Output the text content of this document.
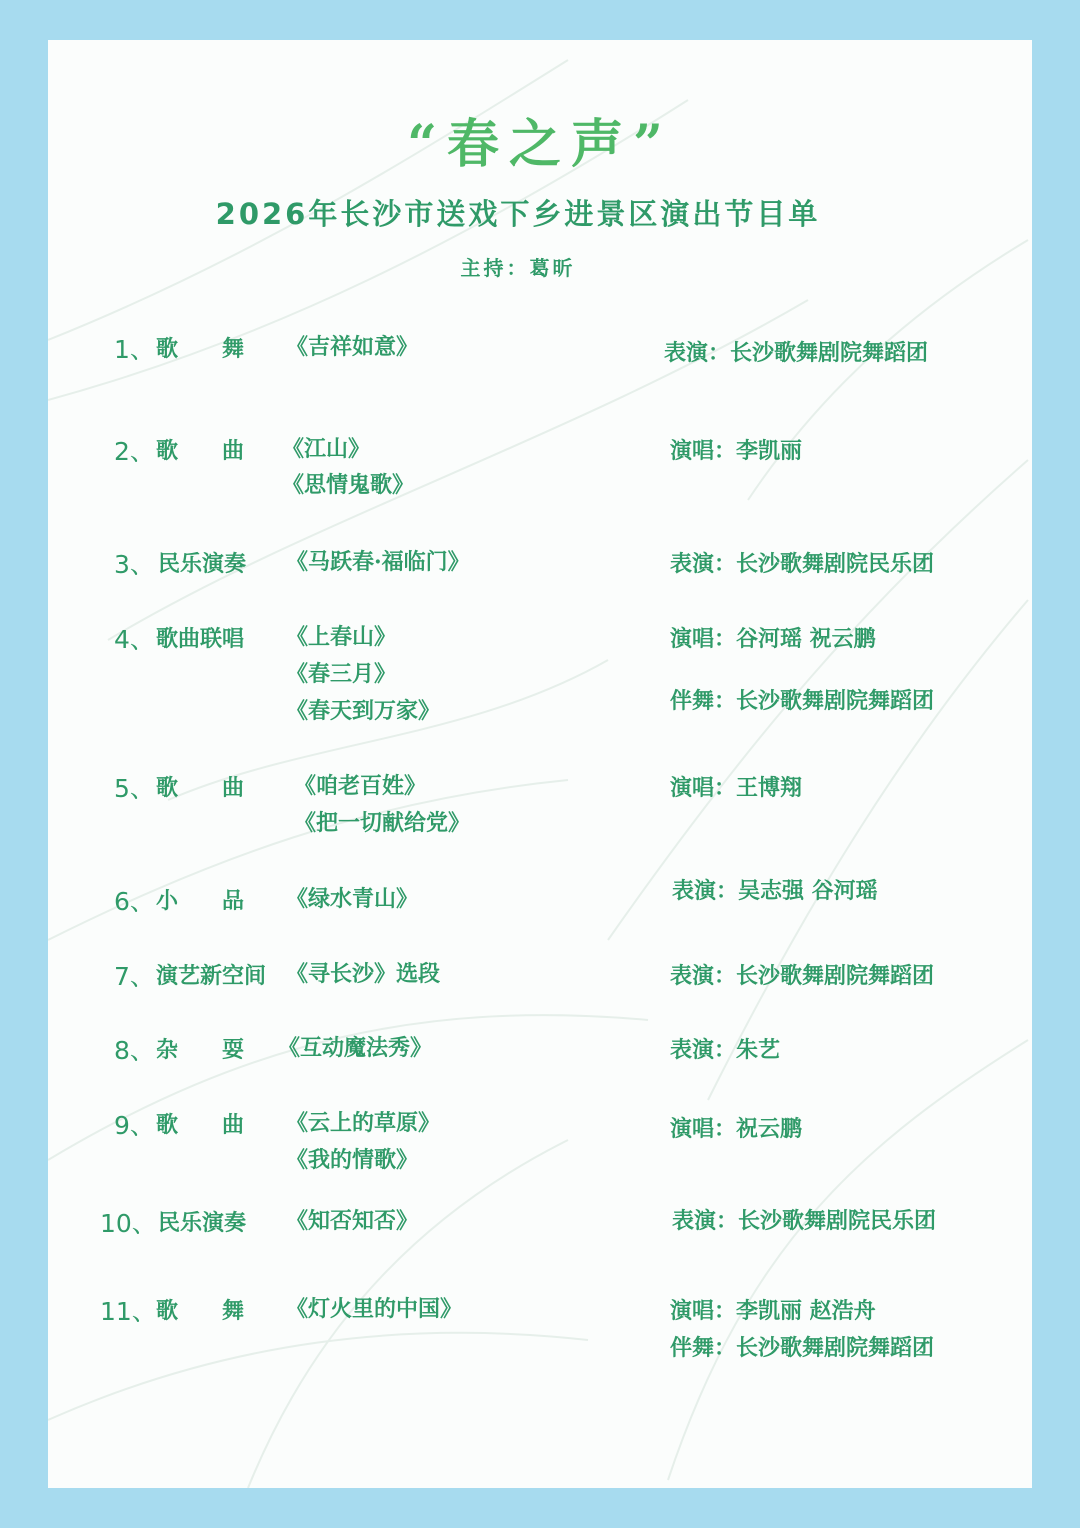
“春之声”
2026年长沙市送戏下乡进景区演出节目单
主持：葛昕
1、 歌　　舞 《吉祥如意》	表演：长沙歌舞剧院舞蹈团
2、 歌　　曲 《江山》
《思情鬼歌》
演唱：李凯丽
3、 民乐演奏 《马跃春·福临门》	表演：长沙歌舞剧院民乐团
4、 歌曲联唱 《上春山》
《春三月》
《春天到万家》
演唱：谷河瑶 祝云鹏
伴舞：长沙歌舞剧院舞蹈团
5、 歌　　曲 《咱老百姓》
《把一切献给党》
演唱：王博翔
6、 小　　品 《绿水青山》	表演：吴志强 谷河瑶
7、 演艺新空间 《寻长沙》选段	表演：长沙歌舞剧院舞蹈团
8、 杂　　耍 《互动魔法秀》	表演：朱艺
9、 歌　　曲 《云上的草原》
《我的情歌》
演唱：祝云鹏
10、 民乐演奏 《知否知否》	表演：长沙歌舞剧院民乐团
11、 歌　　舞 《灯火里的中国》	演唱：李凯丽 赵浩舟
伴舞：长沙歌舞剧院舞蹈团
